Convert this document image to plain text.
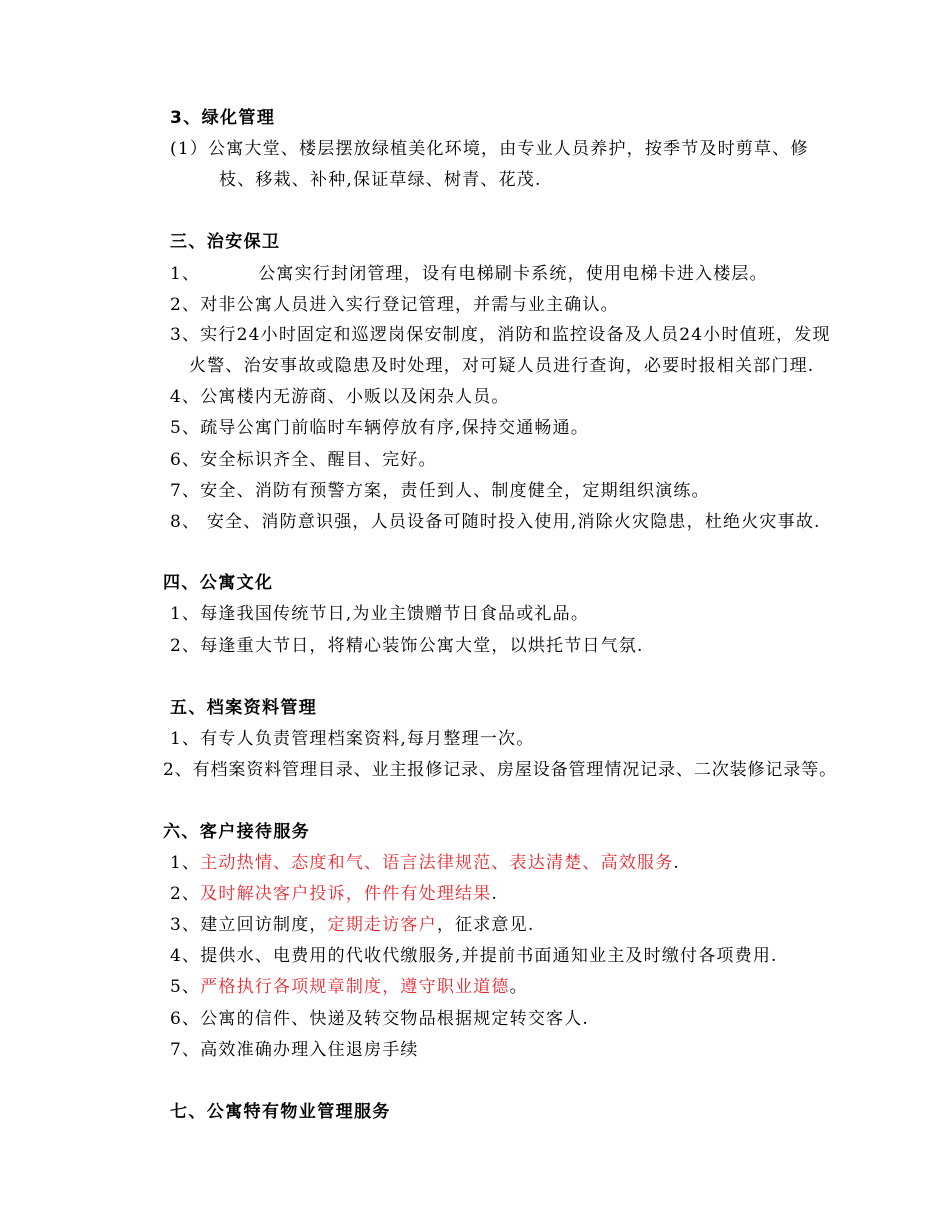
3、绿化管理
(1）公寓大堂、楼层摆放绿植美化环境，由专业人员养护，按季节及时剪草、修
枝、移栽、补种,保证草绿、树青、花茂.
三、治安保卫
1、	公寓实行封闭管理，设有电梯刷卡系统，使用电梯卡进入楼层。
2、对非公寓人员进入实行登记管理，并需与业主确认。
3、实行24小时固定和巡逻岗保安制度，消防和监控设备及人员24小时值班，发现
火警、治安事故或隐患及时处理，对可疑人员进行查询，必要时报相关部门理.
4、公寓楼内无游商、小贩以及闲杂人员。
5、疏导公寓门前临时车辆停放有序,保持交通畅通。
6、安全标识齐全、醒目、完好。
7、安全、消防有预警方案，责任到人、制度健全，定期组织演练。
8、 安全、消防意识强，人员设备可随时投入使用,消除火灾隐患，杜绝火灾事故.
四、公寓文化
1、每逢我国传统节日,为业主馈赠节日食品或礼品。
2、每逢重大节日，将精心装饰公寓大堂，以烘托节日气氛.
五、档案资料管理
1、有专人负责管理档案资料,每月整理一次。
2、有档案资料管理目录、业主报修记录、房屋设备管理情况记录、二次装修记录等。
六、客户接待服务
1、主动热情、态度和气、语言法律规范、表达清楚、高效服务.
2、及时解决客户投诉，件件有处理结果.
3、建立回访制度，定期走访客户，征求意见.
4、提供水、电费用的代收代缴服务,并提前书面通知业主及时缴付各项费用.
5、严格执行各项规章制度，遵守职业道德。
6、公寓的信件、快递及转交物品根据规定转交客人.
7、高效准确办理入住退房手续
七、公寓特有物业管理服务
